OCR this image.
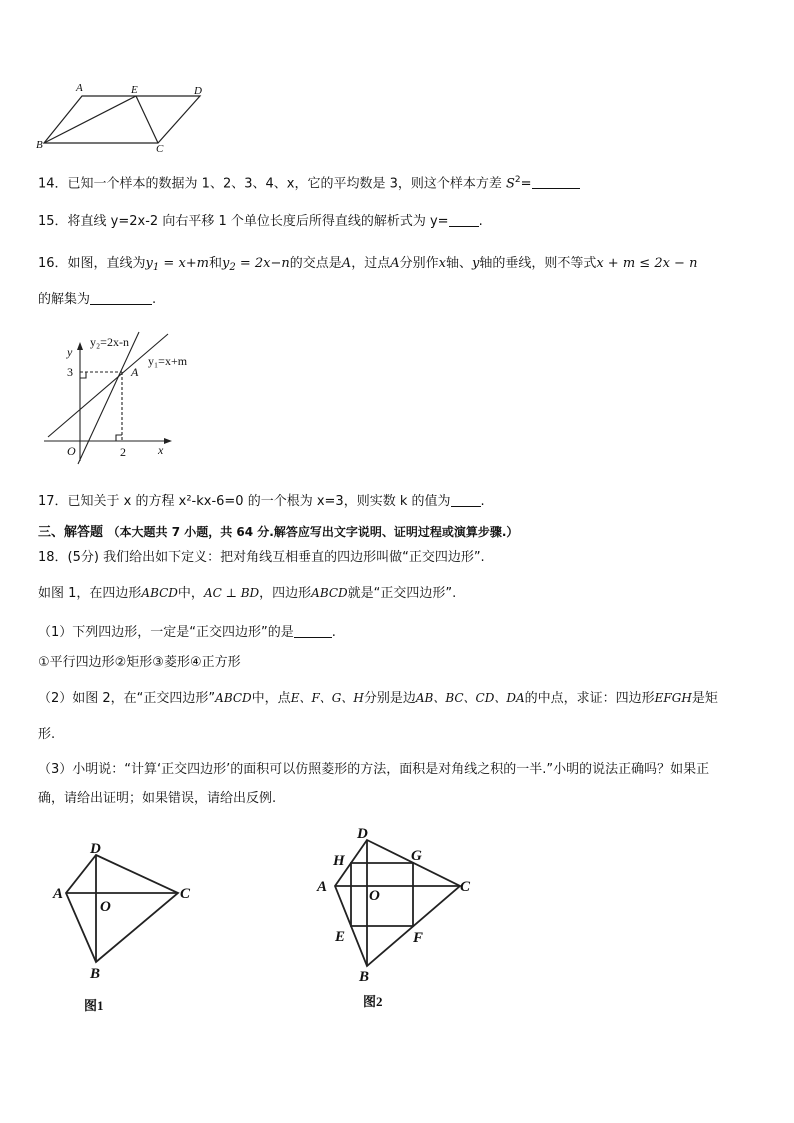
A	E	D
B	C
14．已知一个样本的数据为 1、2、3、4、x，它的平均数是 3，则这个样本方差 $S^2=$
15．将直线 y=2x-2 向右平移 1 个单位长度后所得直线的解析式为 y= .
16．如图，直线为$y_1 = x+m$和$y_2 = 2x-n$的交点是A，过点A分别作x轴、y轴的垂线，则不等式x + m ≤ 2x − n
的解集为	.
y₂=2x-n
y₁=x+m
y
x
O
3
2
A
17．已知关于 x 的方程 x²-kx-6=0 的一个根为 x=3，则实数 k 的值为 .
三、解答题 （本大题共 7 小题，共 64 分.解答应写出文字说明、证明过程或演算步骤.）
18．(5分) 我们给出如下定义：把对角线互相垂直的四边形叫做“正交四边形”.
如图 1，在四边形ABCD中，AC ⊥ BD，四边形ABCD就是“正交四边形”.
（1）下列四边形，一定是“正交四边形”的是	.
①平行四边形②矩形③菱形④正方形
（2）如图 2，在“正交四边形”ABCD中，点E、F、G、H分别是边AB、BC、CD、DA的中点，求证：四边形EFGH是矩
形.
（3）小明说：“计算‘正交四边形’的面积可以仿照菱形的方法，面积是对角线之积的一半.”小明的说法正确吗？如果正
确，请给出证明；如果错误，请给出反例.
D
A
O
C
B
图1
D
H	G
A
O
C
E	F
B
图2
